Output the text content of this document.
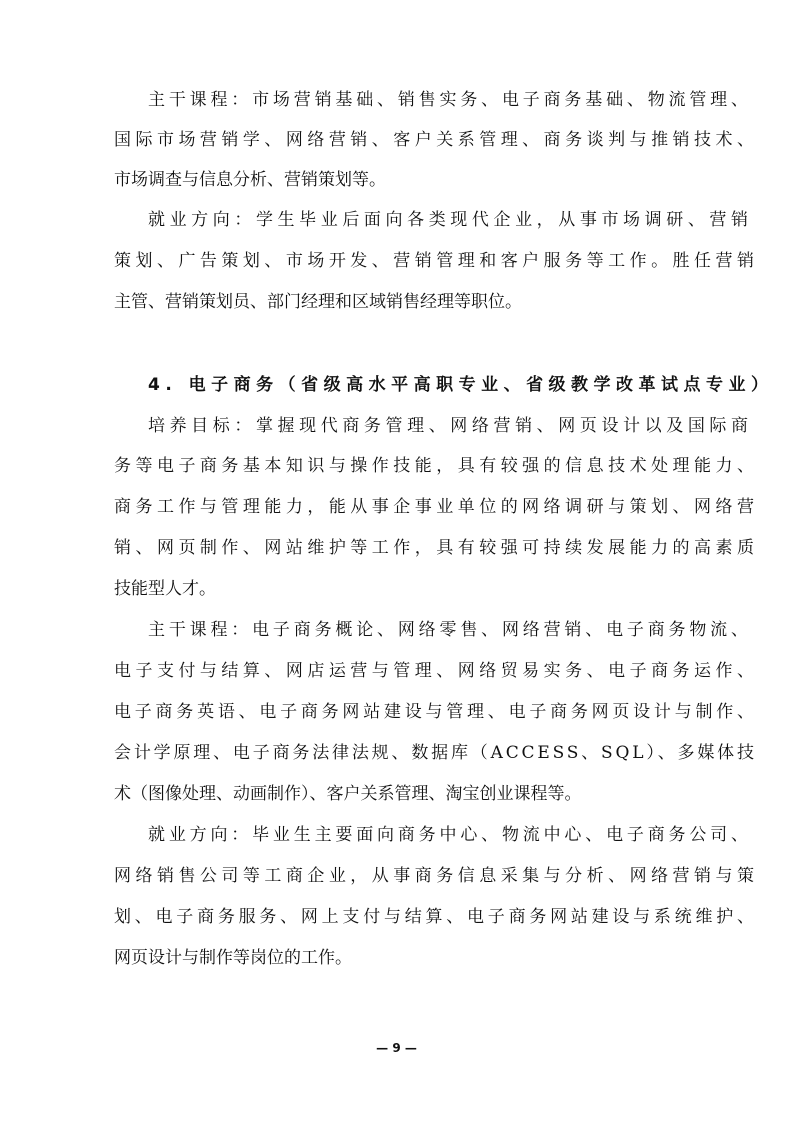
主干课程：市场营销基础、销售实务、电子商务基础、物流管理、
国际市场营销学、网络营销、客户关系管理、商务谈判与推销技术、
市场调查与信息分析、营销策划等。
就业方向：学生毕业后面向各类现代企业，从事市场调研、营销
策划、广告策划、市场开发、营销管理和客户服务等工作。胜任营销
主管、营销策划员、部门经理和区域销售经理等职位。
4. 电子商务（省级高水平高职专业、省级教学改革试点专业）
培养目标：掌握现代商务管理、网络营销、网页设计以及国际商
务等电子商务基本知识与操作技能，具有较强的信息技术处理能力、
商务工作与管理能力，能从事企事业单位的网络调研与策划、网络营
销、网页制作、网站维护等工作，具有较强可持续发展能力的高素质
技能型人才。
主干课程：电子商务概论、网络零售、网络营销、电子商务物流、
电子支付与结算、网店运营与管理、网络贸易实务、电子商务运作、
电子商务英语、电子商务网站建设与管理、电子商务网页设计与制作、
会计学原理、电子商务法律法规、数据库（ACCESS、SQL）、多媒体技
术（图像处理、动画制作）、客户关系管理、淘宝创业课程等。
就业方向：毕业生主要面向商务中心、物流中心、电子商务公司、
网络销售公司等工商企业，从事商务信息采集与分析、网络营销与策
划、电子商务服务、网上支付与结算、电子商务网站建设与系统维护、
网页设计与制作等岗位的工作。
— 9 —
